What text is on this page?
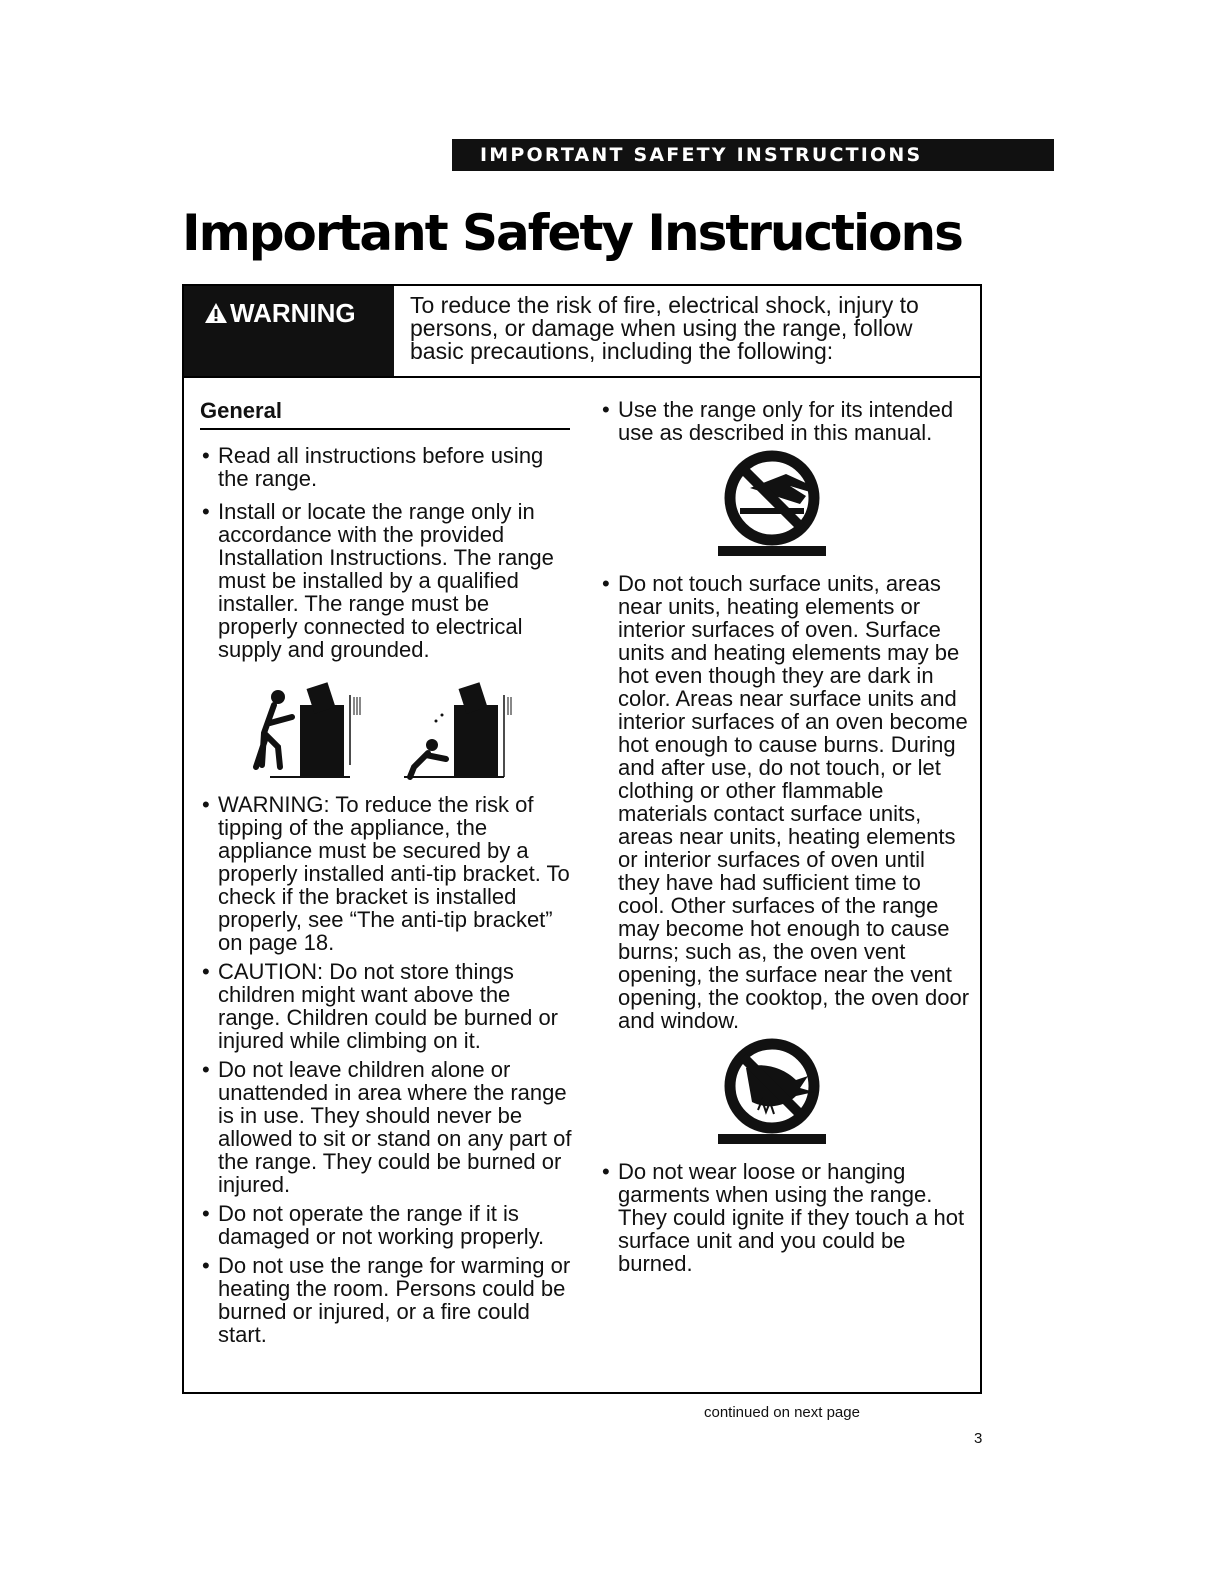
IMPORTANT SAFETY INSTRUCTIONS
Important Safety Instructions
WARNING	To reduce the risk of fire, electrical shock, injury to persons, or damage when using the range, follow basic precautions, including the following:
General

• Read all instructions before using the range.

• Install or locate the range only in accordance with the provided Installation Instructions. The range must be installed by a qualified installer. The range must be properly connected to electrical supply and grounded.

• WARNING: To reduce the risk of tipping of the appliance, the appliance must be secured by a properly installed anti-tip bracket. To check if the bracket is installed properly, see “The anti-tip bracket” on page 18.

• CAUTION: Do not store things children might want above the range. Children could be burned or injured while climbing on it.

• Do not leave children alone or unattended in area where the range is in use. They should never be allowed to sit or stand on any part of the range. They could be burned or injured.

• Do not operate the range if it is damaged or not working properly.

• Do not use the range for warming or heating the room. Persons could be burned or injured, or a fire could start.

• Use the range only for its intended use as described in this manual.

• Do not touch surface units, areas near units, heating elements or interior surfaces of oven. Surface units and heating elements may be hot even though they are dark in color. Areas near surface units and interior surfaces of an oven become hot enough to cause burns. During and after use, do not touch, or let clothing or other flammable materials contact surface units, areas near units, heating elements or interior surfaces of oven until they have had sufficient time to cool. Other surfaces of the range may become hot enough to cause burns; such as, the oven vent opening, the surface near the vent opening, the cooktop, the oven door and window.

• Do not wear loose or hanging garments when using the range. They could ignite if they touch a hot surface unit and you could be burned.

continued on next page
3
